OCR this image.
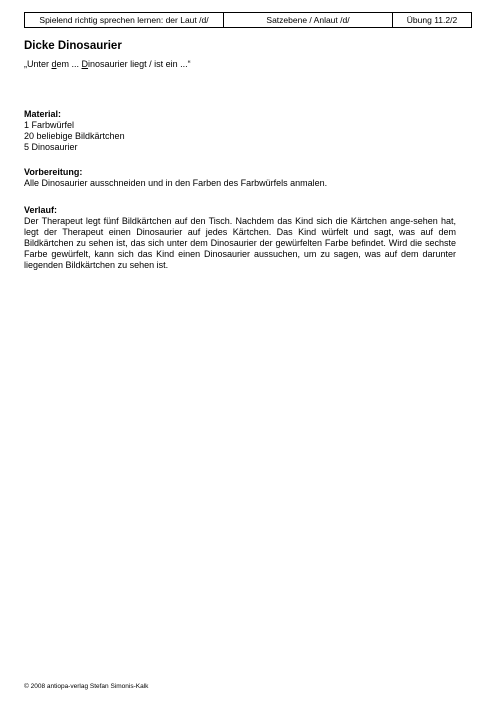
Spielend richtig sprechen lernen: der Laut /d/	Satzebene / Anlaut /d/	Übung 11.2/2
Dicke Dinosaurier

„Unter dem ... Dinosaurier liegt / ist ein ...“

Material:

1 Farbwürfel

20 beliebige Bildkärtchen

5 Dinosaurier

Vorbereitung:

Alle Dinosaurier ausschneiden und in den Farben des Farbwürfels anmalen.

Verlauf:

Der Therapeut legt fünf Bildkärtchen auf den Tisch. Nachdem das Kind sich die Kärtchen ange-sehen hat, legt der Therapeut einen Dinosaurier auf jedes Kärtchen. Das Kind würfelt und sagt, was auf dem Bildkärtchen zu sehen ist, das sich unter dem Dinosaurier der gewürfelten Farbe befindet. Wird die sechste Farbe gewürfelt, kann sich das Kind einen Dinosaurier aussuchen, um zu sagen, was auf dem darunter liegenden Bildkärtchen zu sehen ist.

© 2008 antiopa-verlag Stefan Simonis-Kalk
